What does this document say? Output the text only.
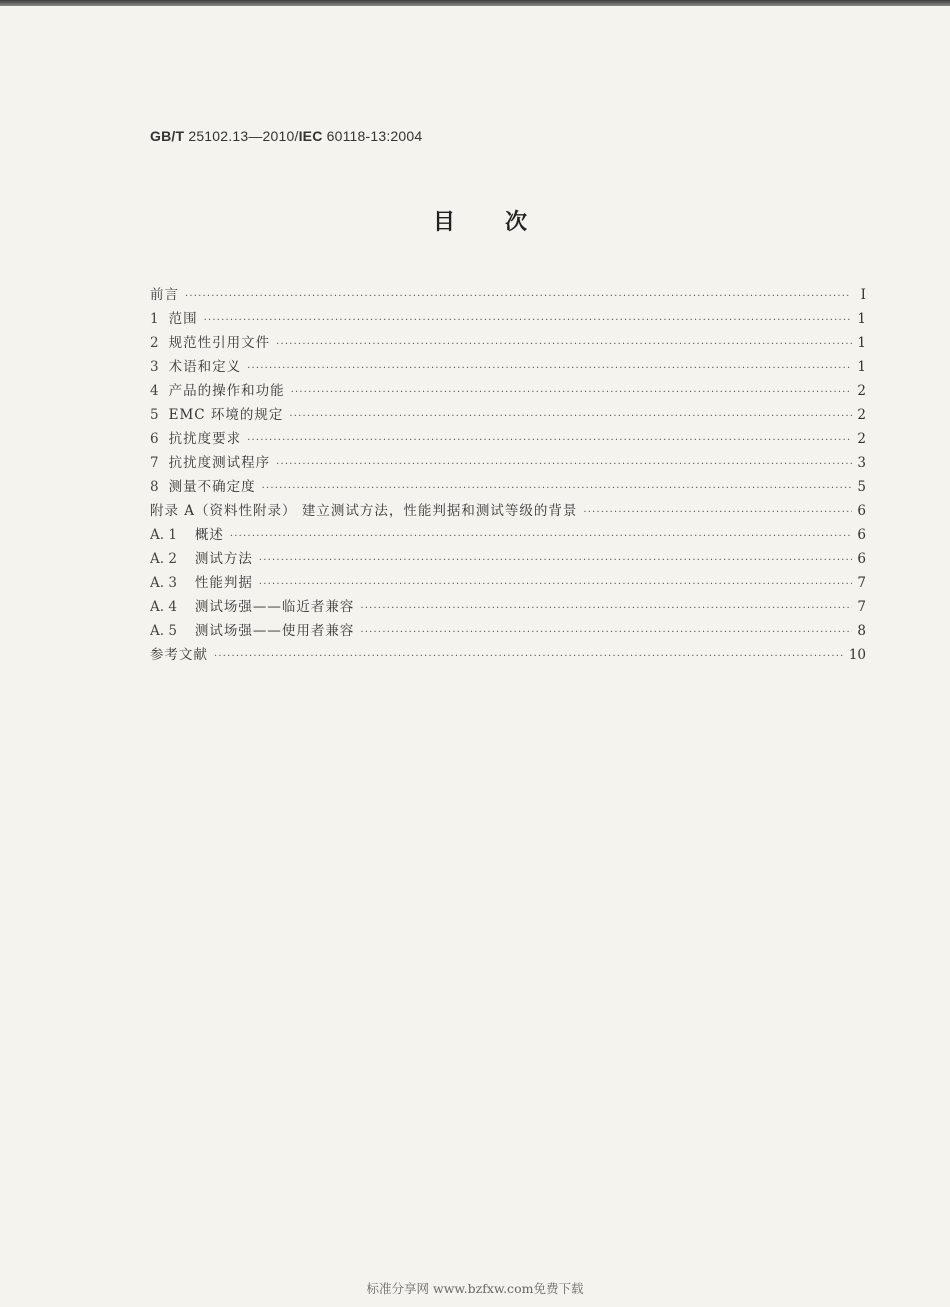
GB/T 25102.13—2010/IEC 60118-13:2004
目次
前言 ·····	Ⅰ
1 范围 ·····	1
2 规范性引用文件 ·····	1
3 术语和定义 ·····	1
4 产品的操作和功能 ·····	2
5 EMC 环境的规定 ·····	2
6 抗扰度要求 ·····	2
7 抗扰度测试程序 ·····	3
8 测量不确定度 ·····	5
附录 A（资料性附录） 建立测试方法，性能判据和测试等级的背景 ·····	6
A. 1 概述 ·····	6
A. 2 测试方法 ·····	6
A. 3 性能判据 ·····	7
A. 4 测试场强——临近者兼容 ·····	7
A. 5 测试场强——使用者兼容 ·····	8
参考文献 ·····	10
标准分享网 www.bzfxw.com免费下载
